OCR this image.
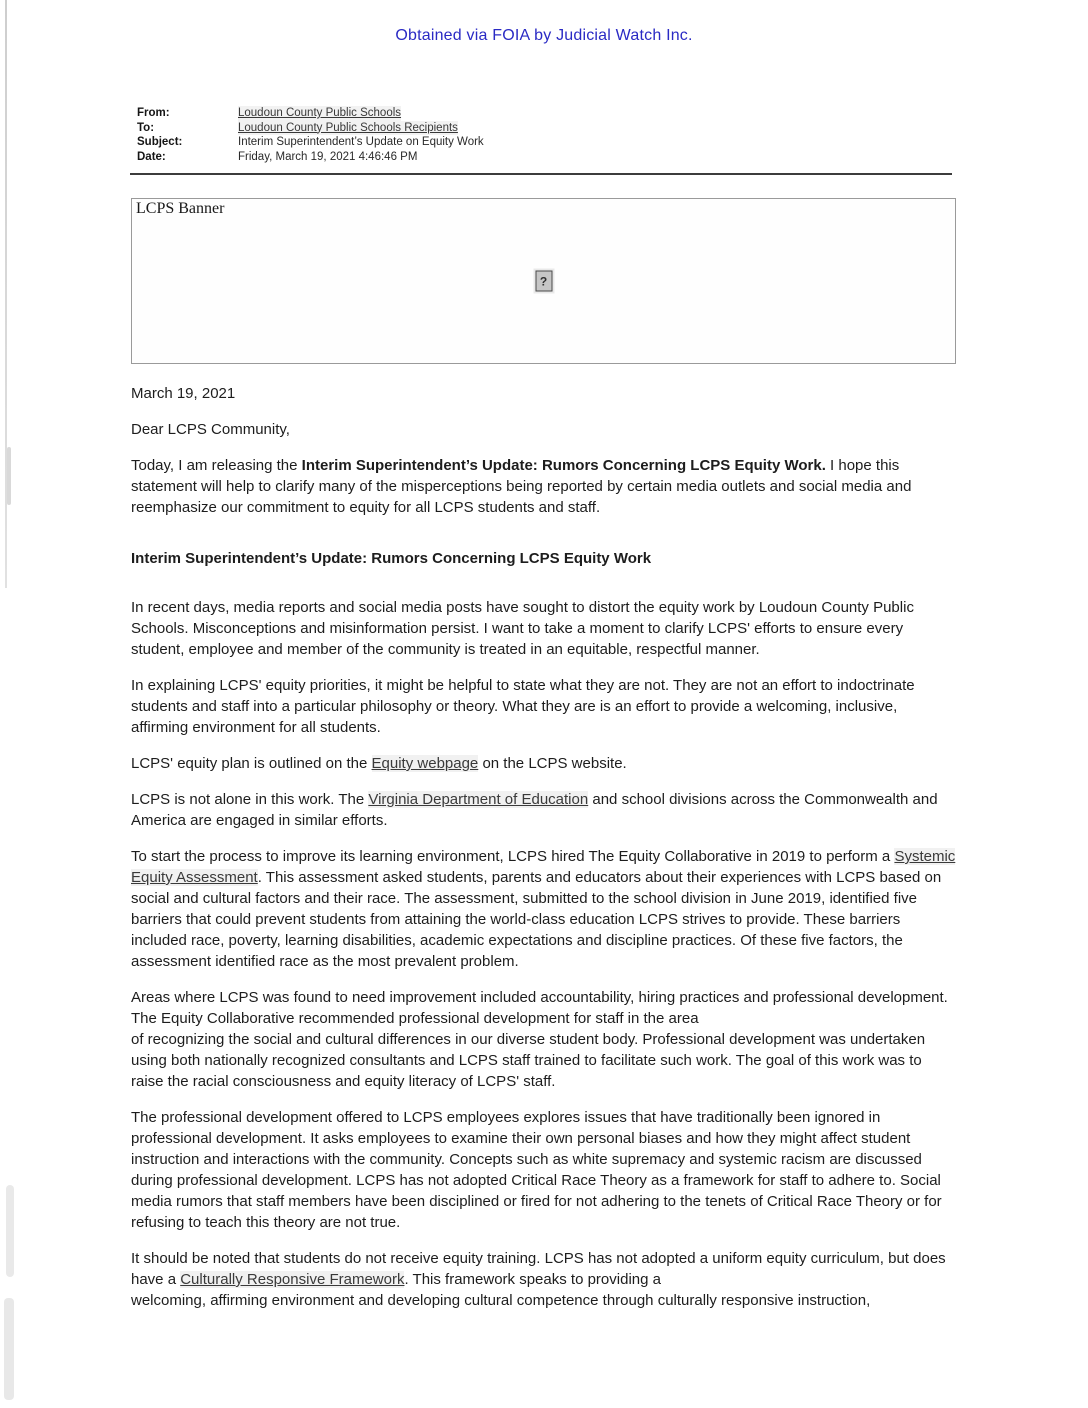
Obtained via FOIA by Judicial Watch Inc.
From:	Loudoun County Public Schools
To:	Loudoun County Public Schools Recipients
Subject:	Interim Superintendent’s Update on Equity Work
Date:	Friday, March 19, 2021 4:46:46 PM
LCPS Banner
?

March 19, 2021

Dear LCPS Community,

Today, I am releasing the Interim Superintendent’s Update: Rumors Concerning LCPS Equity Work. I hope this statement will help to clarify many of the misperceptions being reported by certain media outlets and social media and reemphasize our commitment to equity for all LCPS students and staff.

Interim Superintendent’s Update: Rumors Concerning LCPS Equity Work

In recent days, media reports and social media posts have sought to distort the equity work by Loudoun County Public Schools. Misconceptions and misinformation persist. I want to take a moment to clarify LCPS' efforts to ensure every student, employee and member of the community is treated in an equitable, respectful manner.

In explaining LCPS' equity priorities, it might be helpful to state what they are not. They are not an effort to indoctrinate students and staff into a particular philosophy or theory. What they are is an effort to provide a welcoming, inclusive, affirming environment for all students.

LCPS' equity plan is outlined on the Equity webpage on the LCPS website.

LCPS is not alone in this work. The Virginia Department of Education and school divisions across the Commonwealth and America are engaged in similar efforts.

To start the process to improve its learning environment, LCPS hired The Equity Collaborative in 2019 to perform a Systemic Equity Assessment. This assessment asked students, parents and educators about their experiences with LCPS based on social and cultural factors and their race. The assessment, submitted to the school division in June 2019, identified five barriers that could prevent students from attaining the world-class education LCPS strives to provide. These barriers included race, poverty, learning disabilities, academic expectations and discipline practices. Of these five factors, the assessment identified race as the most prevalent problem.

Areas where LCPS was found to need improvement included accountability, hiring practices and professional development. The Equity Collaborative recommended professional development for staff in the area
of recognizing the social and cultural differences in our diverse student body. Professional development was undertaken using both nationally recognized consultants and LCPS staff trained to facilitate such work. The goal of this work was to raise the racial consciousness and equity literacy of LCPS' staff.

The professional development offered to LCPS employees explores issues that have traditionally been ignored in professional development. It asks employees to examine their own personal biases and how they might affect student instruction and interactions with the community. Concepts such as white supremacy and systemic racism are discussed during professional development. LCPS has not adopted Critical Race Theory as a framework for staff to adhere to. Social media rumors that staff members have been disciplined or fired for not adhering to the tenets of Critical Race Theory or for refusing to teach this theory are not true.

It should be noted that students do not receive equity training. LCPS has not adopted a uniform equity curriculum, but does have a Culturally Responsive Framework. This framework speaks to providing a
welcoming, affirming environment and developing cultural competence through culturally responsive instruction,
